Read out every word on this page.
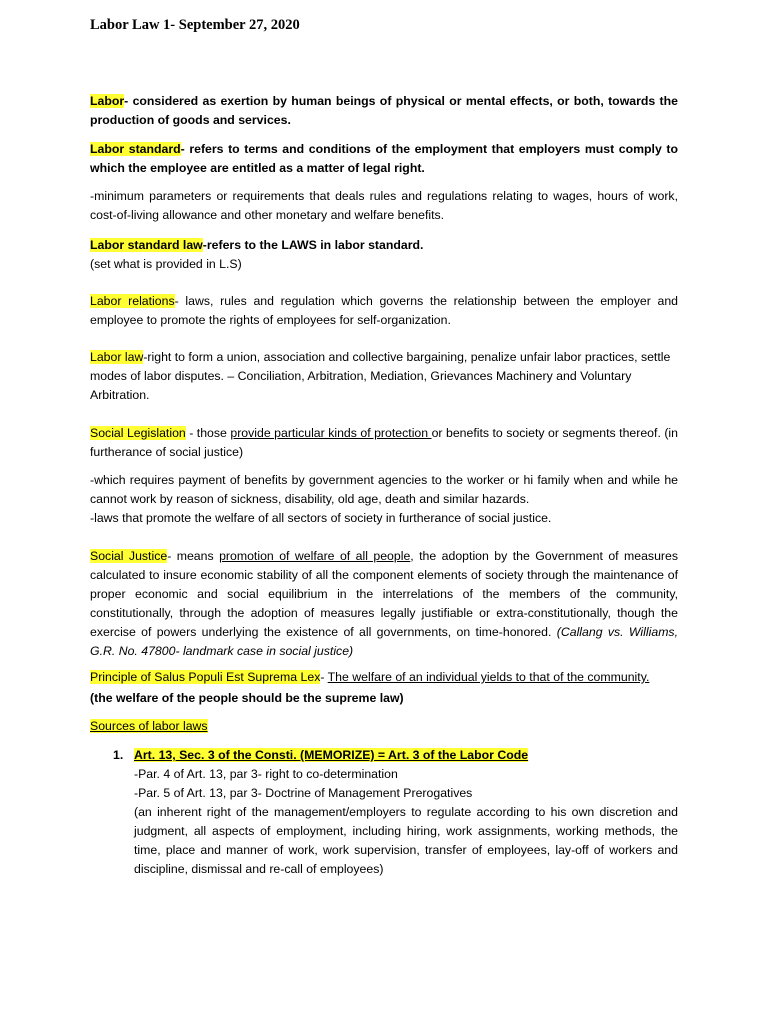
Labor Law 1- September 27, 2020
Labor- considered as exertion by human beings of physical or mental effects, or both, towards the production of goods and services.
Labor standard- refers to terms and conditions of the employment that employers must comply to which the employee are entitled as a matter of legal right.
-minimum parameters or requirements that deals rules and regulations relating to wages, hours of work, cost-of-living allowance and other monetary and welfare benefits.
Labor standard law-refers to the LAWS in labor standard.
(set what is provided in L.S)
Labor relations- laws, rules and regulation which governs the relationship between the employer and employee to promote the rights of employees for self-organization.
Labor law-right to form a union, association and collective bargaining, penalize unfair labor practices, settle modes of labor disputes. – Conciliation, Arbitration, Mediation, Grievances Machinery and Voluntary Arbitration.
Social Legislation - those provide particular kinds of protection or benefits to society or segments thereof. (in furtherance of social justice)
-which requires payment of benefits by government agencies to the worker or hi family when and while he cannot work by reason of sickness, disability, old age, death and similar hazards.
-laws that promote the welfare of all sectors of society in furtherance of social justice.
Social Justice- means promotion of welfare of all people, the adoption by the Government of measures calculated to insure economic stability of all the component elements of society through the maintenance of proper economic and social equilibrium in the interrelations of the members of the community, constitutionally, through the adoption of measures legally justifiable or extra-constitutionally, though the exercise of powers underlying the existence of all governments, on time-honored. (Callang vs. Williams, G.R. No. 47800- landmark case in social justice)
Principle of Salus Populi Est Suprema Lex- The welfare of an individual yields to that of the community.
(the welfare of the people should be the supreme law)
Sources of labor laws
1. Art. 13, Sec. 3 of the Consti. (MEMORIZE) = Art. 3 of the Labor Code
-Par. 4 of Art. 13, par 3- right to co-determination
-Par. 5 of Art. 13, par 3- Doctrine of Management Prerogatives
(an inherent right of the management/employers to regulate according to his own discretion and judgment, all aspects of employment, including hiring, work assignments, working methods, the time, place and manner of work, work supervision, transfer of employees, lay-off of workers and discipline, dismissal and re-call of employees)
